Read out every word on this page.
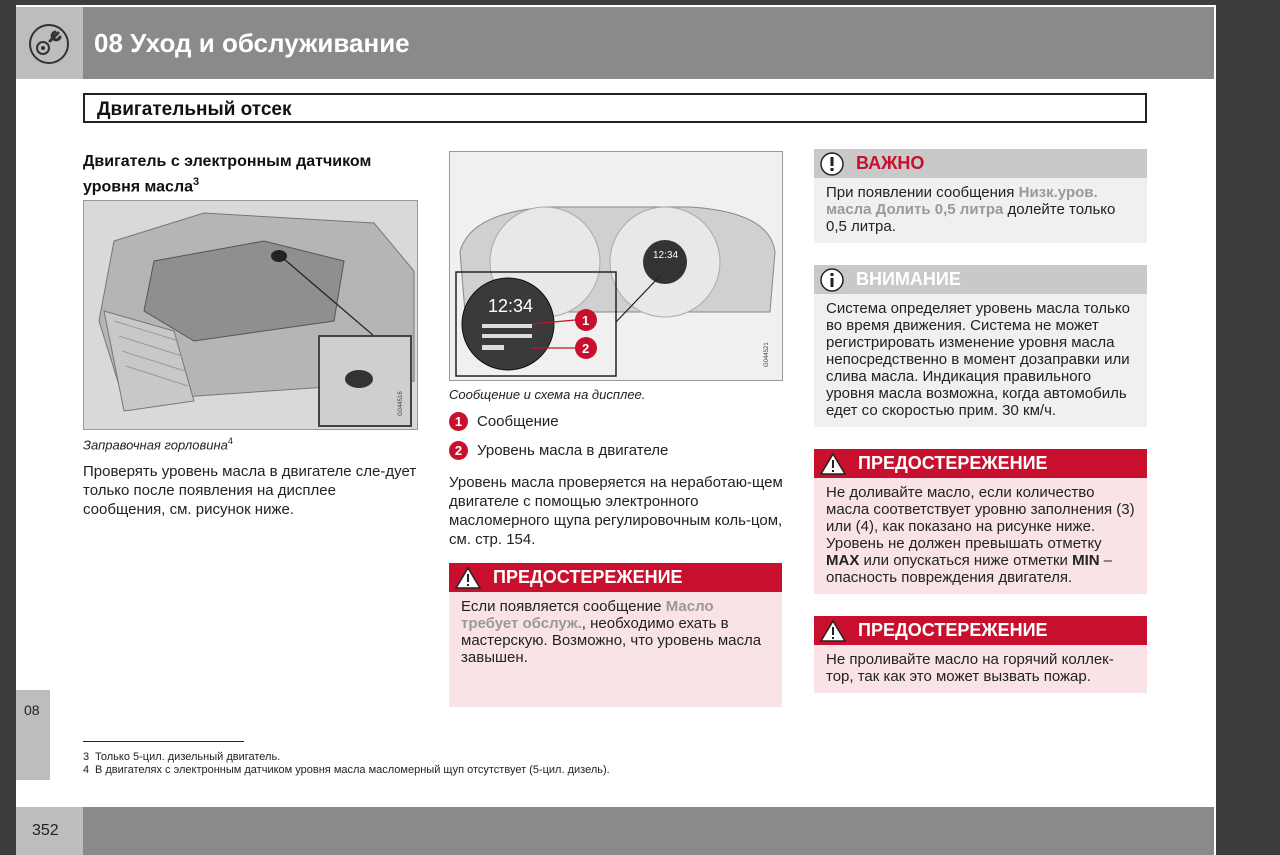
08 Уход и обслуживание
Двигательный отсек
Двигатель с электронным датчиком уровня масла$^3$
G044516
Заправочная горловина$^4$
Проверять уровень масла в двигателе сле-дует только после появления на дисплее сообщения, см. рисунок ниже.
12:34
12:34
1
2	G044521
Сообщение и схема на дисплее.
1 Сообщение
2 Уровень масла в двигателе
Уровень масла проверяется на неработаю-щем двигателе с помощью электронного масломерного щупа регулировочным коль-цом, см. стр. 154.
ПРЕДОСТЕРЕЖЕНИЕ
Если появляется сообщение Масло требует обслуж., необходимо ехать в мастерскую. Возможно, что уровень масла завышен.
ВАЖНО
При появлении сообщения Низк.уров. масла Долить 0,5 литра долейте только 0,5 литра.
ВНИМАНИЕ
Система определяет уровень масла только во время движения. Система не может регистрировать изменение уровня масла непосредственно в момент дозаправки или слива масла. Индикация правильного уровня масла возможна, когда автомобиль едет со скоростью прим. 30 км/ч.
ПРЕДОСТЕРЕЖЕНИЕ
Не доливайте масло, если количество масла соответствует уровню заполнения (3) или (4), как показано на рисунке ниже. Уровень не должен превышать отметку MAX или опускаться ниже отметки MIN – опасность повреждения двигателя.
ПРЕДОСТЕРЕЖЕНИЕ
Не проливайте масло на горячий коллек-тор, так как это может вызвать пожар.
08
3 Только 5-цил. дизельный двигатель.
4 В двигателях с электронным датчиком уровня масла масломерный щуп отсутствует (5-цил. дизель).
352
